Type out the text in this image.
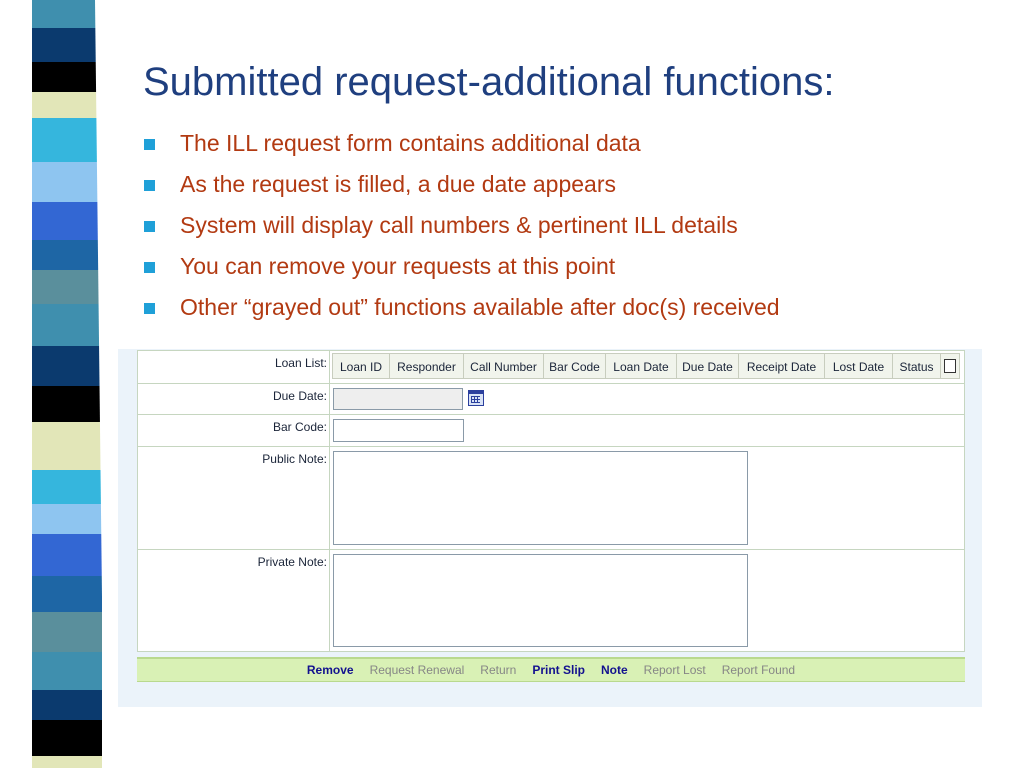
Submitted request-additional functions:
The ILL request form contains additional data
As the request is filled, a due date appears
System will display call numbers & pertinent ILL details
You can remove your requests at this point
Other “grayed out” functions available after doc(s) received
Loan List:	Loan ID	Responder	Call Number	Bar Code	Loan Date	Due Date	Receipt Date	Lost Date	Status
Due Date:
Bar Code:
Public Note:
Private Note:
Remove Request Renewal Return Print Slip Note Report Lost Report Found
